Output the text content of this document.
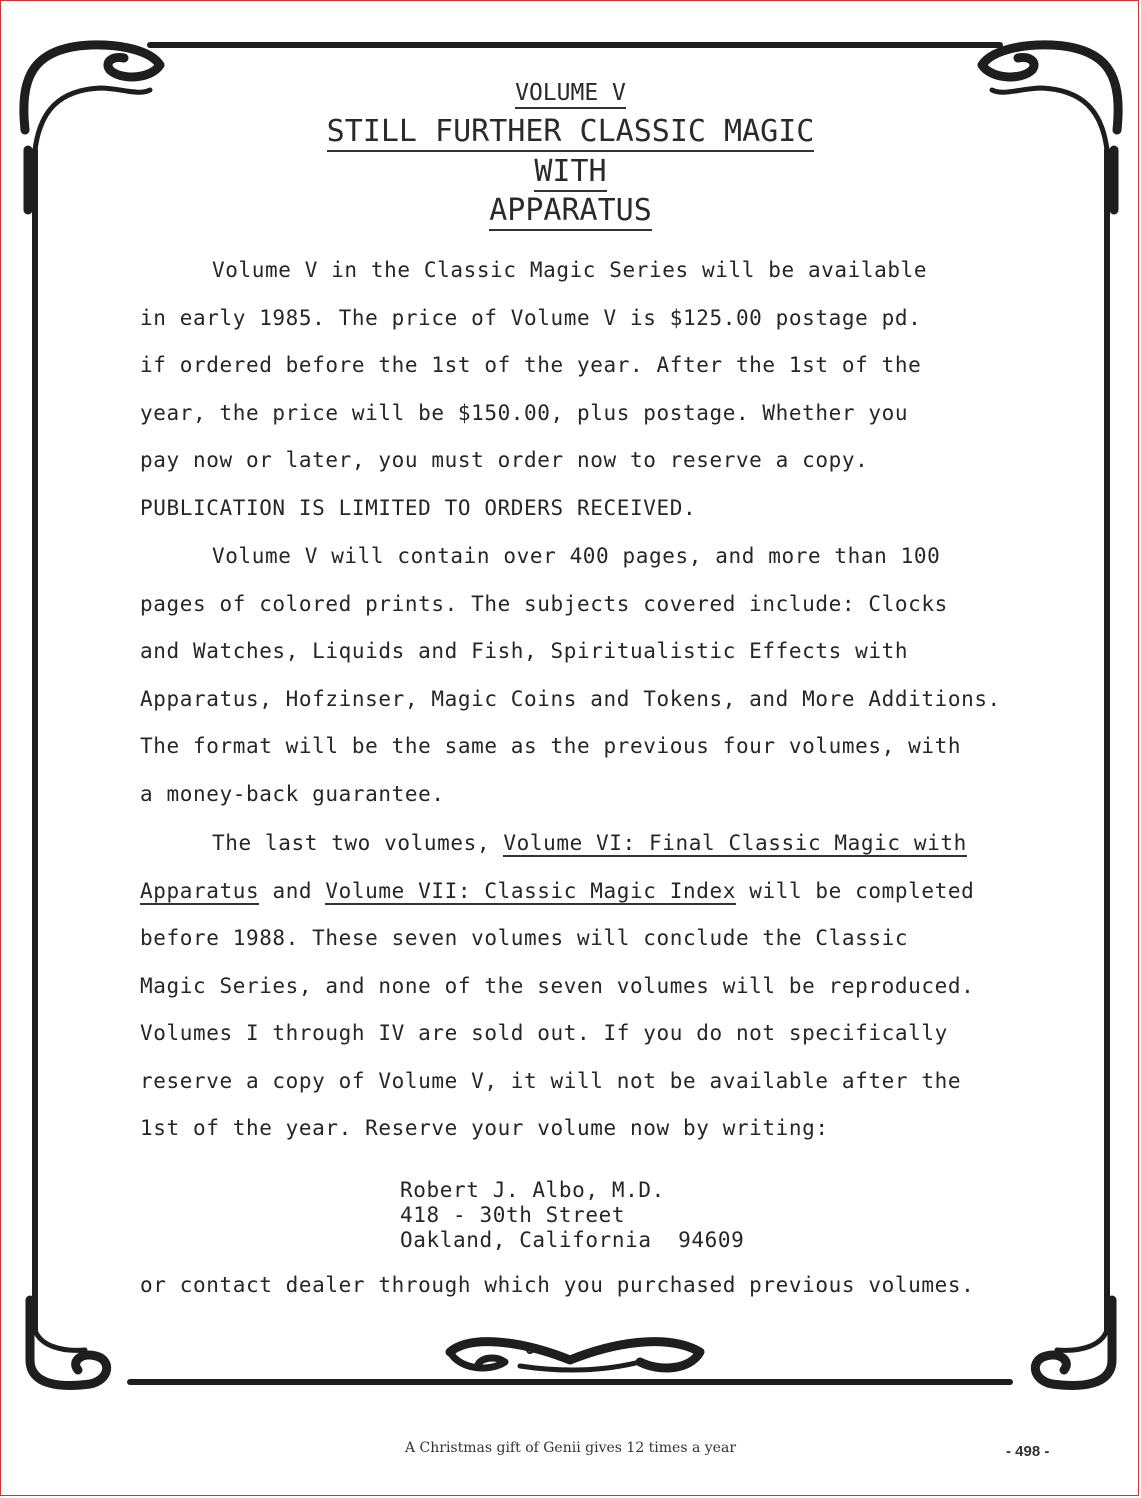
VOLUME V
STILL FURTHER CLASSIC MAGIC
WITH
APPARATUS
Volume V in the Classic Magic Series will be available
in early 1985. The price of Volume V is $125.00 postage pd.
if ordered before the 1st of the year. After the 1st of the
year, the price will be $150.00, plus postage. Whether you
pay now or later, you must order now to reserve a copy.
PUBLICATION IS LIMITED TO ORDERS RECEIVED.
Volume V will contain over 400 pages, and more than 100
pages of colored prints. The subjects covered include: Clocks
and Watches, Liquids and Fish, Spiritualistic Effects with
Apparatus, Hofzinser, Magic Coins and Tokens, and More Additions.
The format will be the same as the previous four volumes, with
a money-back guarantee.
The last two volumes, Volume VI: Final Classic Magic with
Apparatus and Volume VII: Classic Magic Index will be completed
before 1988. These seven volumes will conclude the Classic
Magic Series, and none of the seven volumes will be reproduced.
Volumes I through IV are sold out. If you do not specifically
reserve a copy of Volume V, it will not be available after the
1st of the year. Reserve your volume now by writing:
Robert J. Albo, M.D.
418 - 30th Street
Oakland, California  94609
or contact dealer through which you purchased previous volumes.
A Christmas gift of Genii gives 12 times a year	- 498 -
